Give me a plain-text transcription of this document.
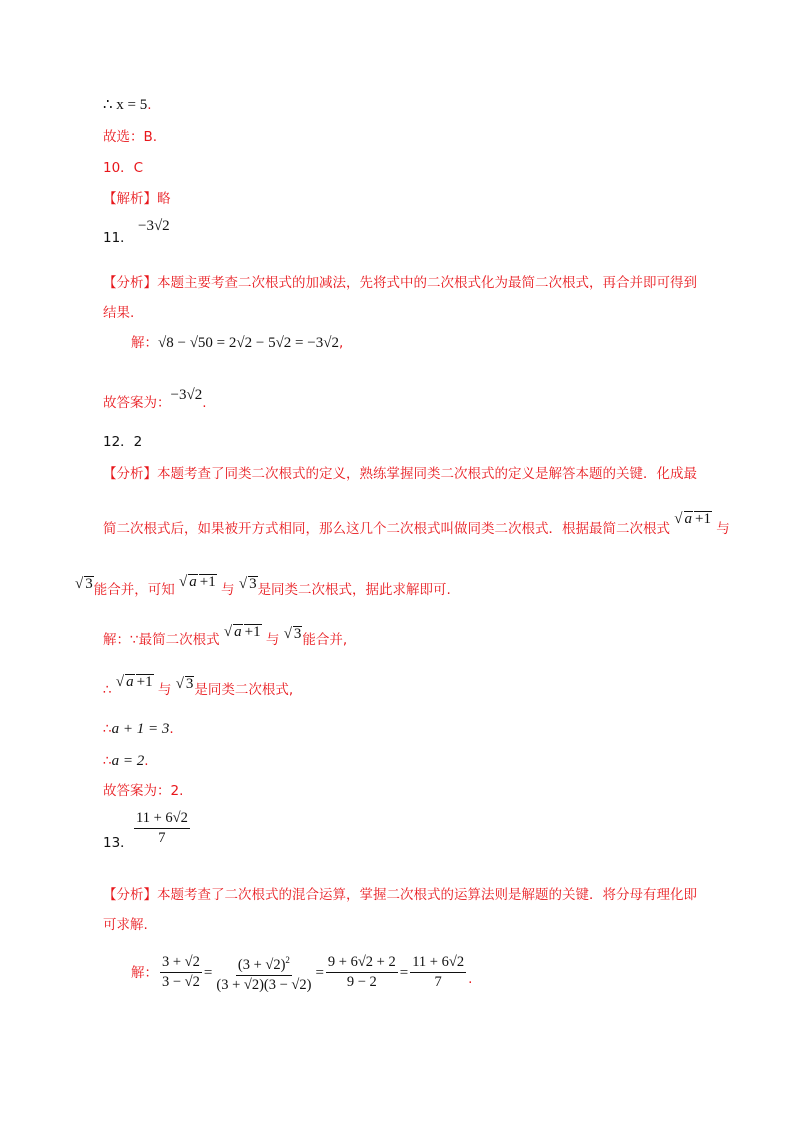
∴ x = 5.
故选：B.
10．C
【解析】略
11． −3√2
【分析】本题主要考查二次根式的加减法，先将式中的二次根式化为最简二次根式，再合并即可得到
结果.
解：√8 − √50 = 2√2 − 5√2 = −3√2,
故答案为：−3√2.
12．2
【分析】本题考查了同类二次根式的定义，熟练掌握同类二次根式的定义是解答本题的关键．化成最
简二次根式后，如果被开方式相同，那么这几个二次根式叫做同类二次根式．根据最简二次根式 √ a +1 与
√ 3能合并，可知 √ a +1 与 √ 3是同类二次根式，据此求解即可.
解：∵最简二次根式 √ a +1 与 √ 3能合并,
∴ √ a +1 与 √ 3是同类二次根式,
∴a + 1 = 3.
∴a = 2.
故答案为：2.
13． $\frac{11 + 6√2}{7}$
【分析】本题考查了二次根式的混合运算，掌握二次根式的运算法则是解题的关键．将分母有理化即
可求解.
解： $\frac{3 + √2}{3 - √2} = \frac{(3 + √2)^2}{(3 + √2)(3 - √2)} = \frac{9 + 6√2 + 2}{9 - 2} = \frac{11 + 6√2}{7}$ .
